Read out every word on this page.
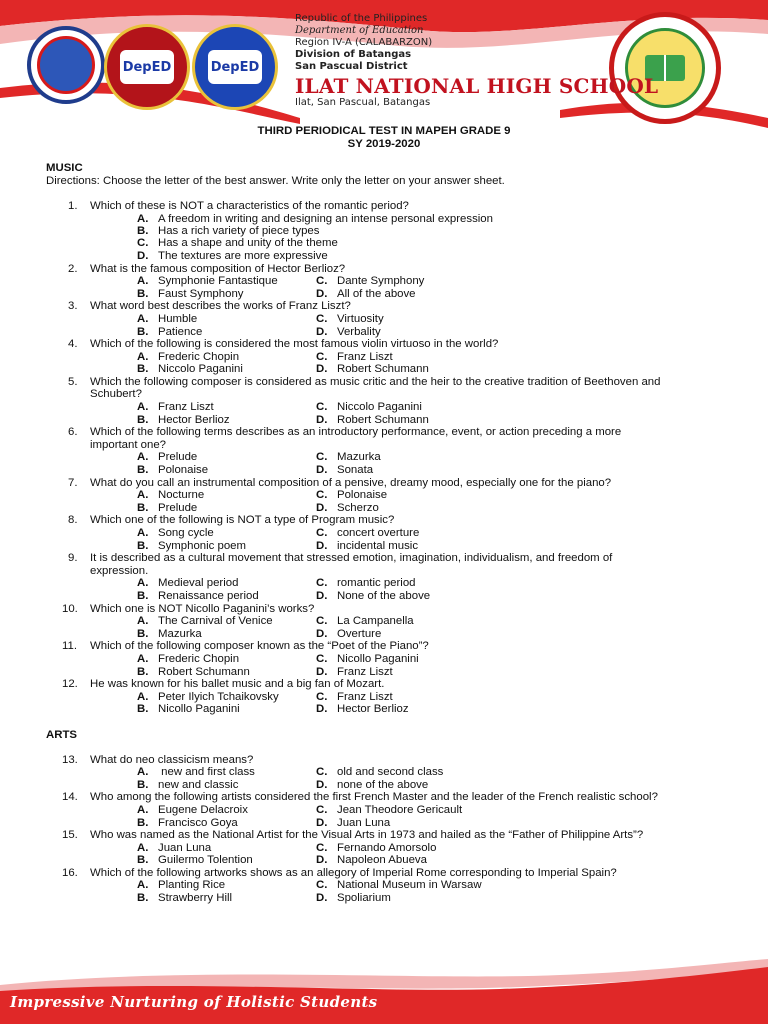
DepED	DepED
Republic of the Philippines
Department of Education
Region IV-A (CALABARZON)
Division of Batangas
San Pascual District
ILAT NATIONAL HIGH SCHOOL
Ilat, San Pascual, Batangas
THIRD PERIODICAL TEST IN MAPEH GRADE 9
SY 2019-2020
MUSIC
Directions: Choose the letter of the best answer. Write only the letter on your answer sheet.
1. Which of these is NOT a characteristics of the romantic period?
A. A freedom in writing and designing an intense personal expression
B. Has a rich variety of piece types
C. Has a shape and unity of the theme
D. The textures are more expressive
2. What is the famous composition of Hector Berlioz?
A. Symphonie Fantastique	C. Dante Symphony
B. Faust Symphony	D. All of the above
3. What word best describes the works of Franz Liszt?
A. Humble	C. Virtuosity
B. Patience	D. Verbality
4. Which of the following is considered the most famous violin virtuoso in the world?
A. Frederic Chopin	C. Franz Liszt
B. Niccolo Paganini	D. Robert Schumann
5. Which the following composer is considered as music critic and the heir to the creative tradition of Beethoven and
Schubert?
A. Franz Liszt	C. Niccolo Paganini
B. Hector Berlioz	D. Robert Schumann
6. Which of the following terms describes as an introductory performance, event, or action preceding a more
important one?
A. Prelude	C. Mazurka
B. Polonaise	D. Sonata
7. What do you call an instrumental composition of a pensive, dreamy mood, especially one for the piano?
A. Nocturne	C. Polonaise
B. Prelude	D. Scherzo
8. Which one of the following is NOT a type of Program music?
A. Song cycle	C. concert overture
B. Symphonic poem	D. incidental music
9. It is described as a cultural movement that stressed emotion, imagination, individualism, and freedom of
expression.
A. Medieval period	C. romantic period
B. Renaissance period	D. None of the above
10. Which one is NOT Nicollo Paganini’s works?
A. The Carnival of Venice	C. La Campanella
B. Mazurka	D. Overture
11. Which of the following composer known as the “Poet of the Piano”?
A. Frederic Chopin	C. Nicollo Paganini
B. Robert Schumann	D. Franz Liszt
12. He was known for his ballet music and a big fan of Mozart.
A. Peter Ilyich Tchaikovsky	C. Franz Liszt
B. Nicollo Paganini	D. Hector Berlioz
ARTS
13. What do neo classicism means?
A. new and first class	C. old and second class
B. new and classic	D. none of the above
14. Who among the following artists considered the first French Master and the leader of the French realistic school?
A. Eugene Delacroix	C. Jean Theodore Gericault
B. Francisco Goya	D. Juan Luna
15. Who was named as the National Artist for the Visual Arts in 1973 and hailed as the “Father of Philippine Arts”?
A. Juan Luna	C. Fernando Amorsolo
B. Guilermo Tolention	D. Napoleon Abueva
16. Which of the following artworks shows as an allegory of Imperial Rome corresponding to Imperial Spain?
A. Planting Rice	C. National Museum in Warsaw
B. Strawberry Hill	D. Spoliarium
Impressive Nurturing of Holistic Students
